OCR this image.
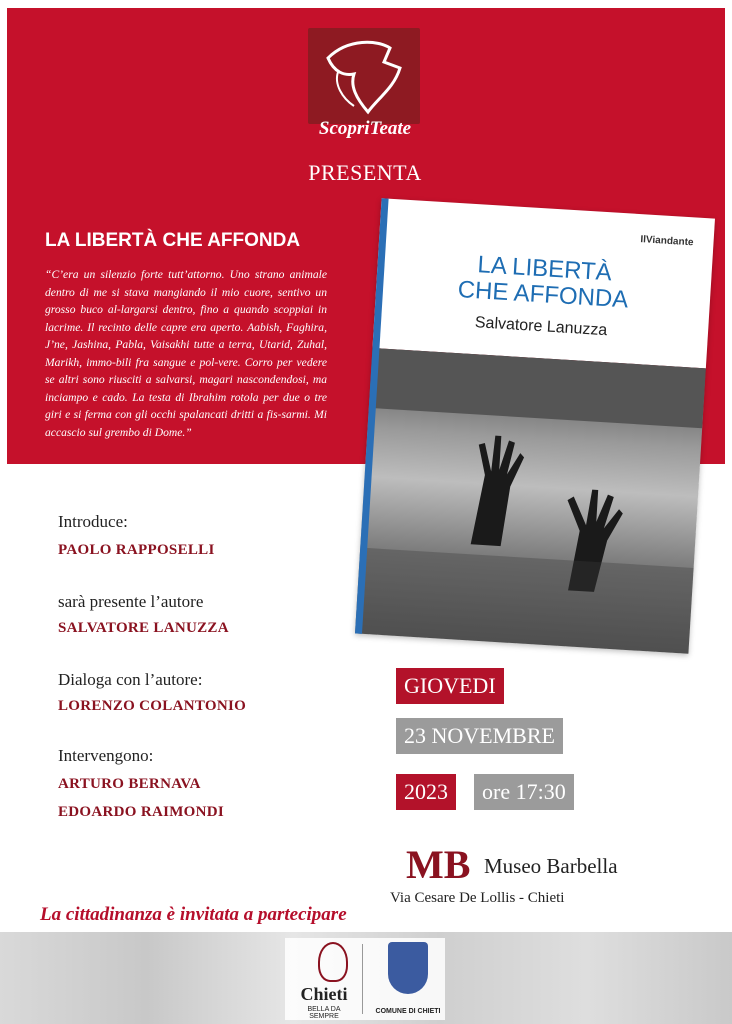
ScopriTeate
PRESENTA
LA LIBERTÀ CHE AFFONDA
“C’era un silenzio forte tutt’attorno. Uno strano animale dentro di me si stava mangiando il mio cuore, sentivo un grosso buco al-largarsi dentro, fino a quando scoppiai in lacrime. Il recinto delle capre era aperto. Aabish, Faghira, J’ne, Jashina, Pabla, Vaisakhi tutte a terra, Utarid, Zuhal, Marikh, immo-bili fra sangue e pol-vere. Corro per vedere se altri sono riusciti a salvarsi, magari nascondendosi, ma inciampo e cado. La testa di Ibrahim rotola per due o tre giri e si ferma con gli occhi spalancati dritti a fis-sarmi. Mi accascio sul grembo di Dome.”
IlViandante
LA LIBERTÀ
CHE AFFONDA
Salvatore Lanuzza
Introduce:
PAOLO RAPPOSELLI
sarà presente l’autore
SALVATORE LANUZZA
Dialoga con l’autore:
LORENZO COLANTONIO
Intervengono:
ARTURO BERNAVA
EDOARDO RAIMONDI
GIOVEDI
23 NOVEMBRE
2023	ore 17:30
MB Museo Barbella
Via Cesare De Lollis - Chieti
La cittadinanza è invitata a partecipare
Chieti
BELLA DA SEMPRE
COMUNE DI CHIETI
